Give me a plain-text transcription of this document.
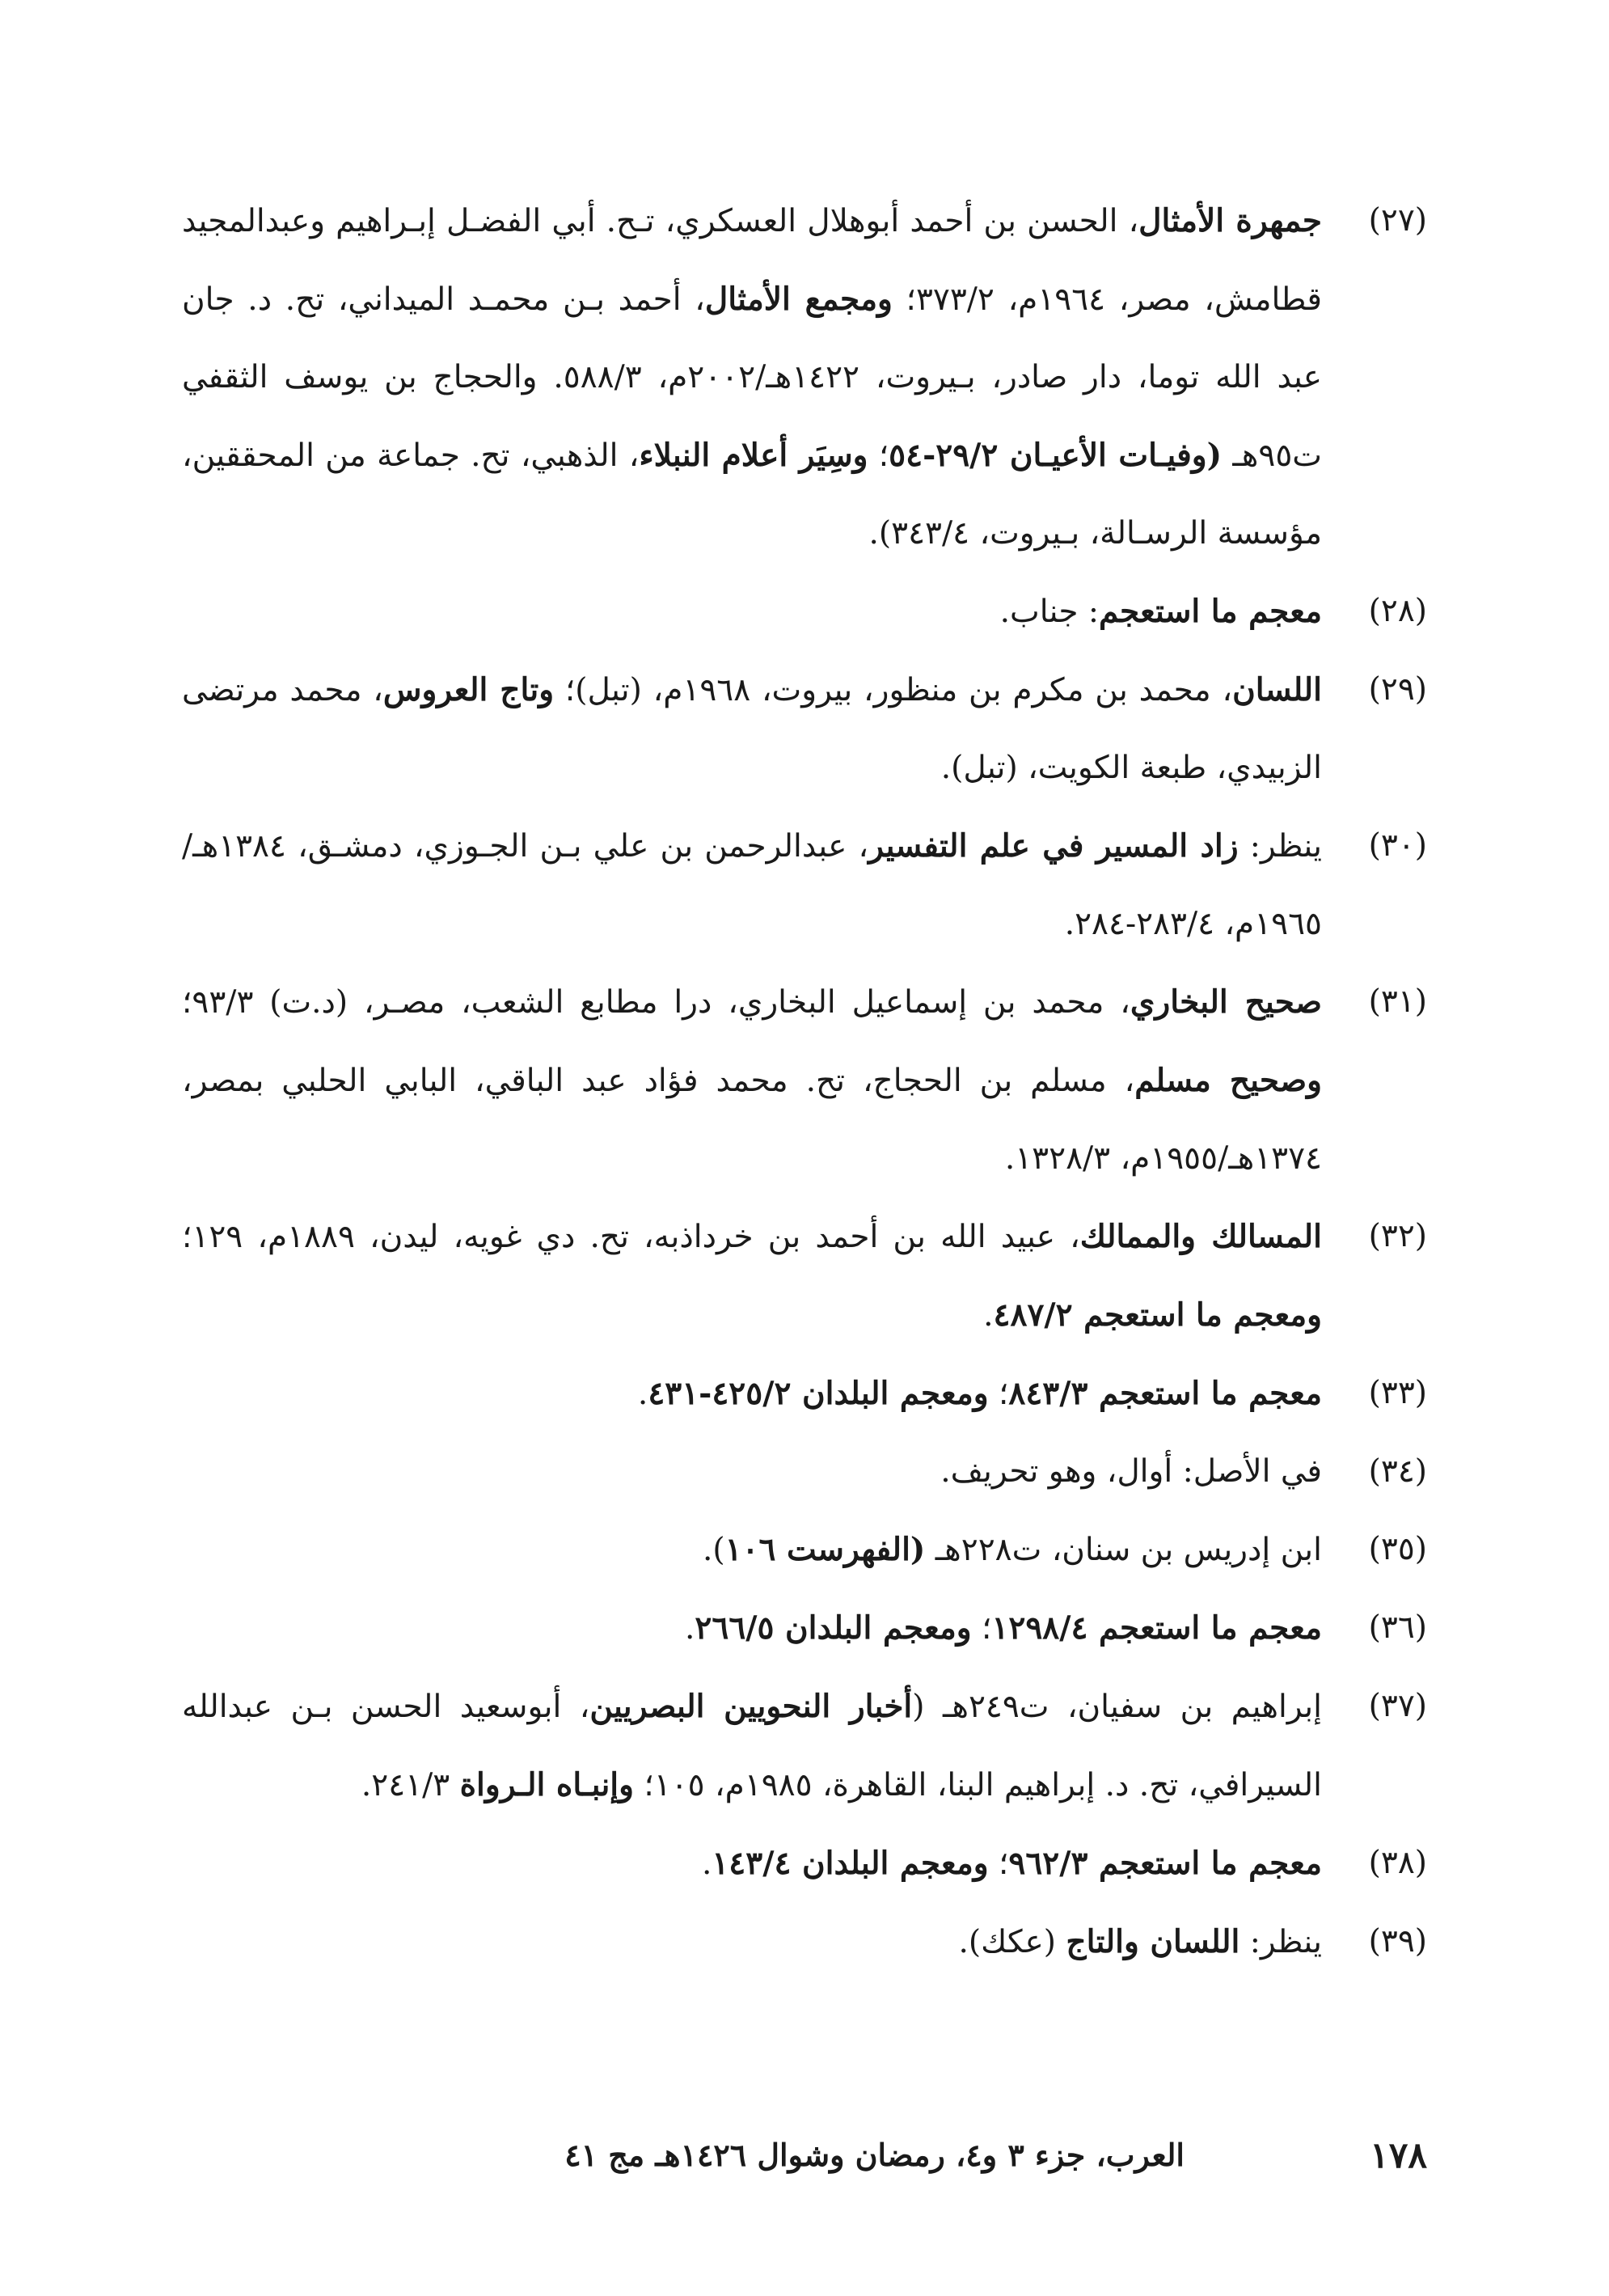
(٢٧)
جمهرة الأمثال، الحسن بن أحمد أبوهلال العسكري، تـح. أبي الفضـل إبـراهيم وعبدالمجيد قطامش، مصر، ١٩٦٤م، ٣٧٣/٢؛ ومجمع الأمثال، أحمد بـن محمـد الميداني، تح. د. جان عبد الله توما، دار صادر، بـيروت، ١٤٢٢هـ/٢٠٠٢م، ٥٨٨/٣. والحجاج بن يوسف الثقفي ت٩٥هـ (وفيـات الأعيـان ٢٩/٢-٥٤؛ وسِيَر أعلام النبلاء، الذهبي، تح. جماعة من المحققين، مؤسسة الرسـالة، بـيروت، ٣٤٣/٤).
(٢٨)
معجم ما استعجم: جناب.
(٢٩)
اللسان، محمد بن مكرم بن منظور، بيروت، ١٩٦٨م، (تبل)؛ وتاج العروس، محمد مرتضى الزبيدي، طبعة الكويت، (تبل).
(٣٠)
ينظر: زاد المسير في علم التفسير، عبدالرحمن بن علي بـن الجـوزي، دمشـق، ١٣٨٤هـ/١٩٦٥م، ٢٨٣/٤-٢٨٤.
(٣١)
صحيح البخاري، محمد بن إسماعيل البخاري، درا مطابع الشعب، مصـر، (د.ت) ٩٣/٣؛ وصحيح مسلم، مسلم بن الحجاج، تح. محمد فؤاد عبد الباقي، البابي الحلبي بمصر، ١٣٧٤هـ/١٩٥٥م، ١٣٢٨/٣.
(٣٢)
المسالك والممالك، عبيد الله بن أحمد بن خرداذبه، تح. دي غويه، ليدن، ١٨٨٩م، ١٢٩؛ ومعجم ما استعجم ٤٨٧/٢.
(٣٣)
معجم ما استعجم ٨٤٣/٣؛ ومعجم البلدان ٤٢٥/٢-٤٣١.
(٣٤)
في الأصل: أوال، وهو تحريف.
(٣٥)
ابن إدريس بن سنان، ت٢٢٨هـ (الفهرست ١٠٦).
(٣٦)
معجم ما استعجم ١٢٩٨/٤؛ ومعجم البلدان ٢٦٦/٥.
(٣٧)
إبراهيم بن سفيان، ت٢٤٩هـ (أخبار النحويين البصريين، أبوسعيد الحسن بـن عبدالله السيرافي، تح. د. إبراهيم البنا، القاهرة، ١٩٨٥م، ١٠٥؛ وإنبـاه الـرواة ٢٤١/٣.
(٣٨)
معجم ما استعجم ٩٦٢/٣؛ ومعجم البلدان ١٤٣/٤.
(٣٩)
ينظر: اللسان والتاج (عكك).
١٧٨
العرب، جزء ٣ و٤، رمضان وشوال ١٤٢٦هـ مج ٤١
